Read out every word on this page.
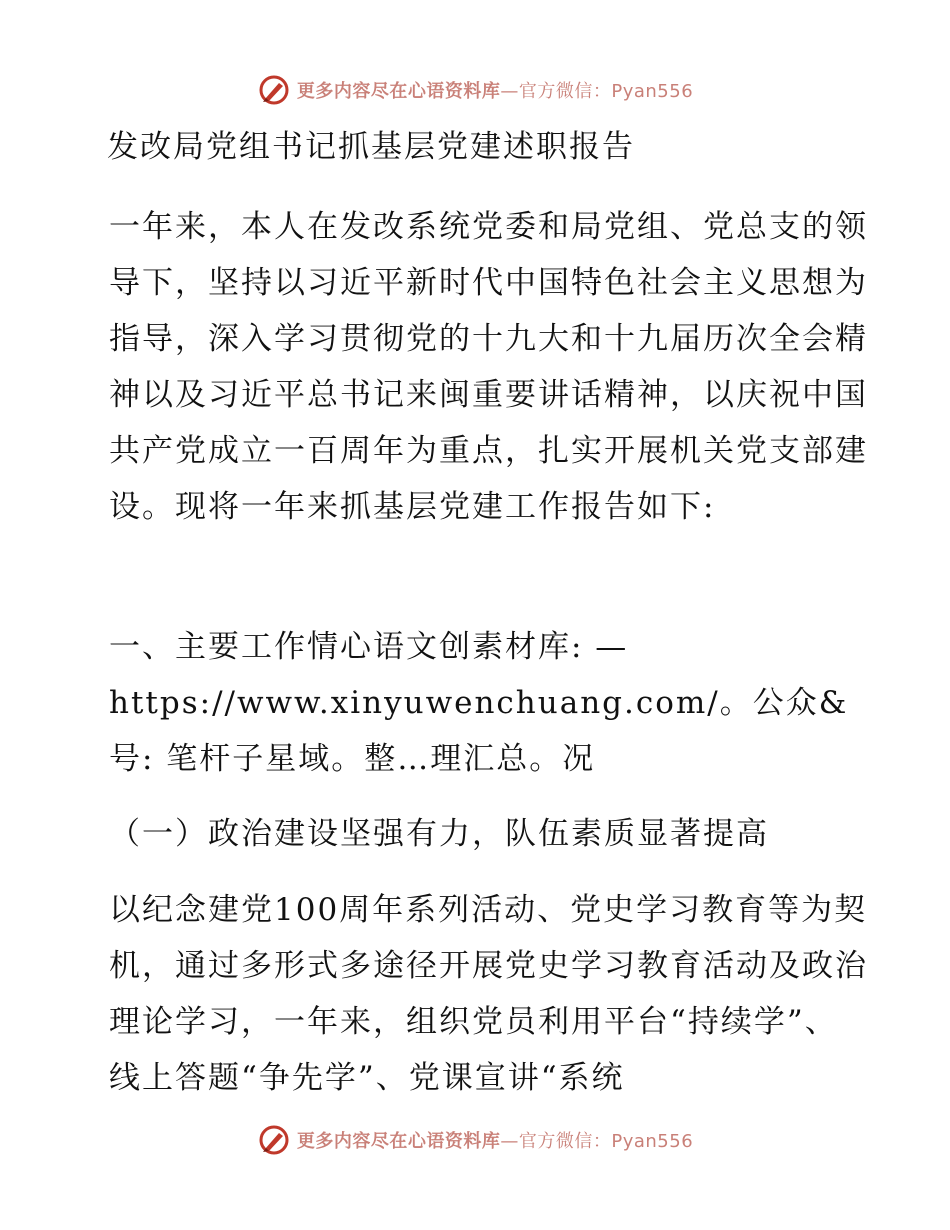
更多内容尽在心语资料库—官方微信：Pyan556
发改局党组书记抓基层党建述职报告

一年来，本人在发改系统党委和局党组、党总支的领导下，坚持以习近平新时代中国特色社会主义思想为指导，深入学习贯彻党的十九大和十九届历次全会精神以及习近平总书记来闽重要讲话精神，以庆祝中国共产党成立一百周年为重点，扎实开展机关党支部建设。现将一年来抓基层党建工作报告如下:

一、主要工作情心语文创素材库: —https://www.xinyuwenchuang.com/。公众&号: 笔杆子星域。整…理汇总。况

（一）政治建设坚强有力，队伍素质显著提高

以纪念建党100周年系列活动、党史学习教育等为契机，通过多形式多途径开展党史学习教育活动及政治理论学习，一年来，组织党员利用平台“持续学”、线上答题“争先学”、党课宣讲“系统

更多内容尽在心语资料库—官方微信：Pyan556
